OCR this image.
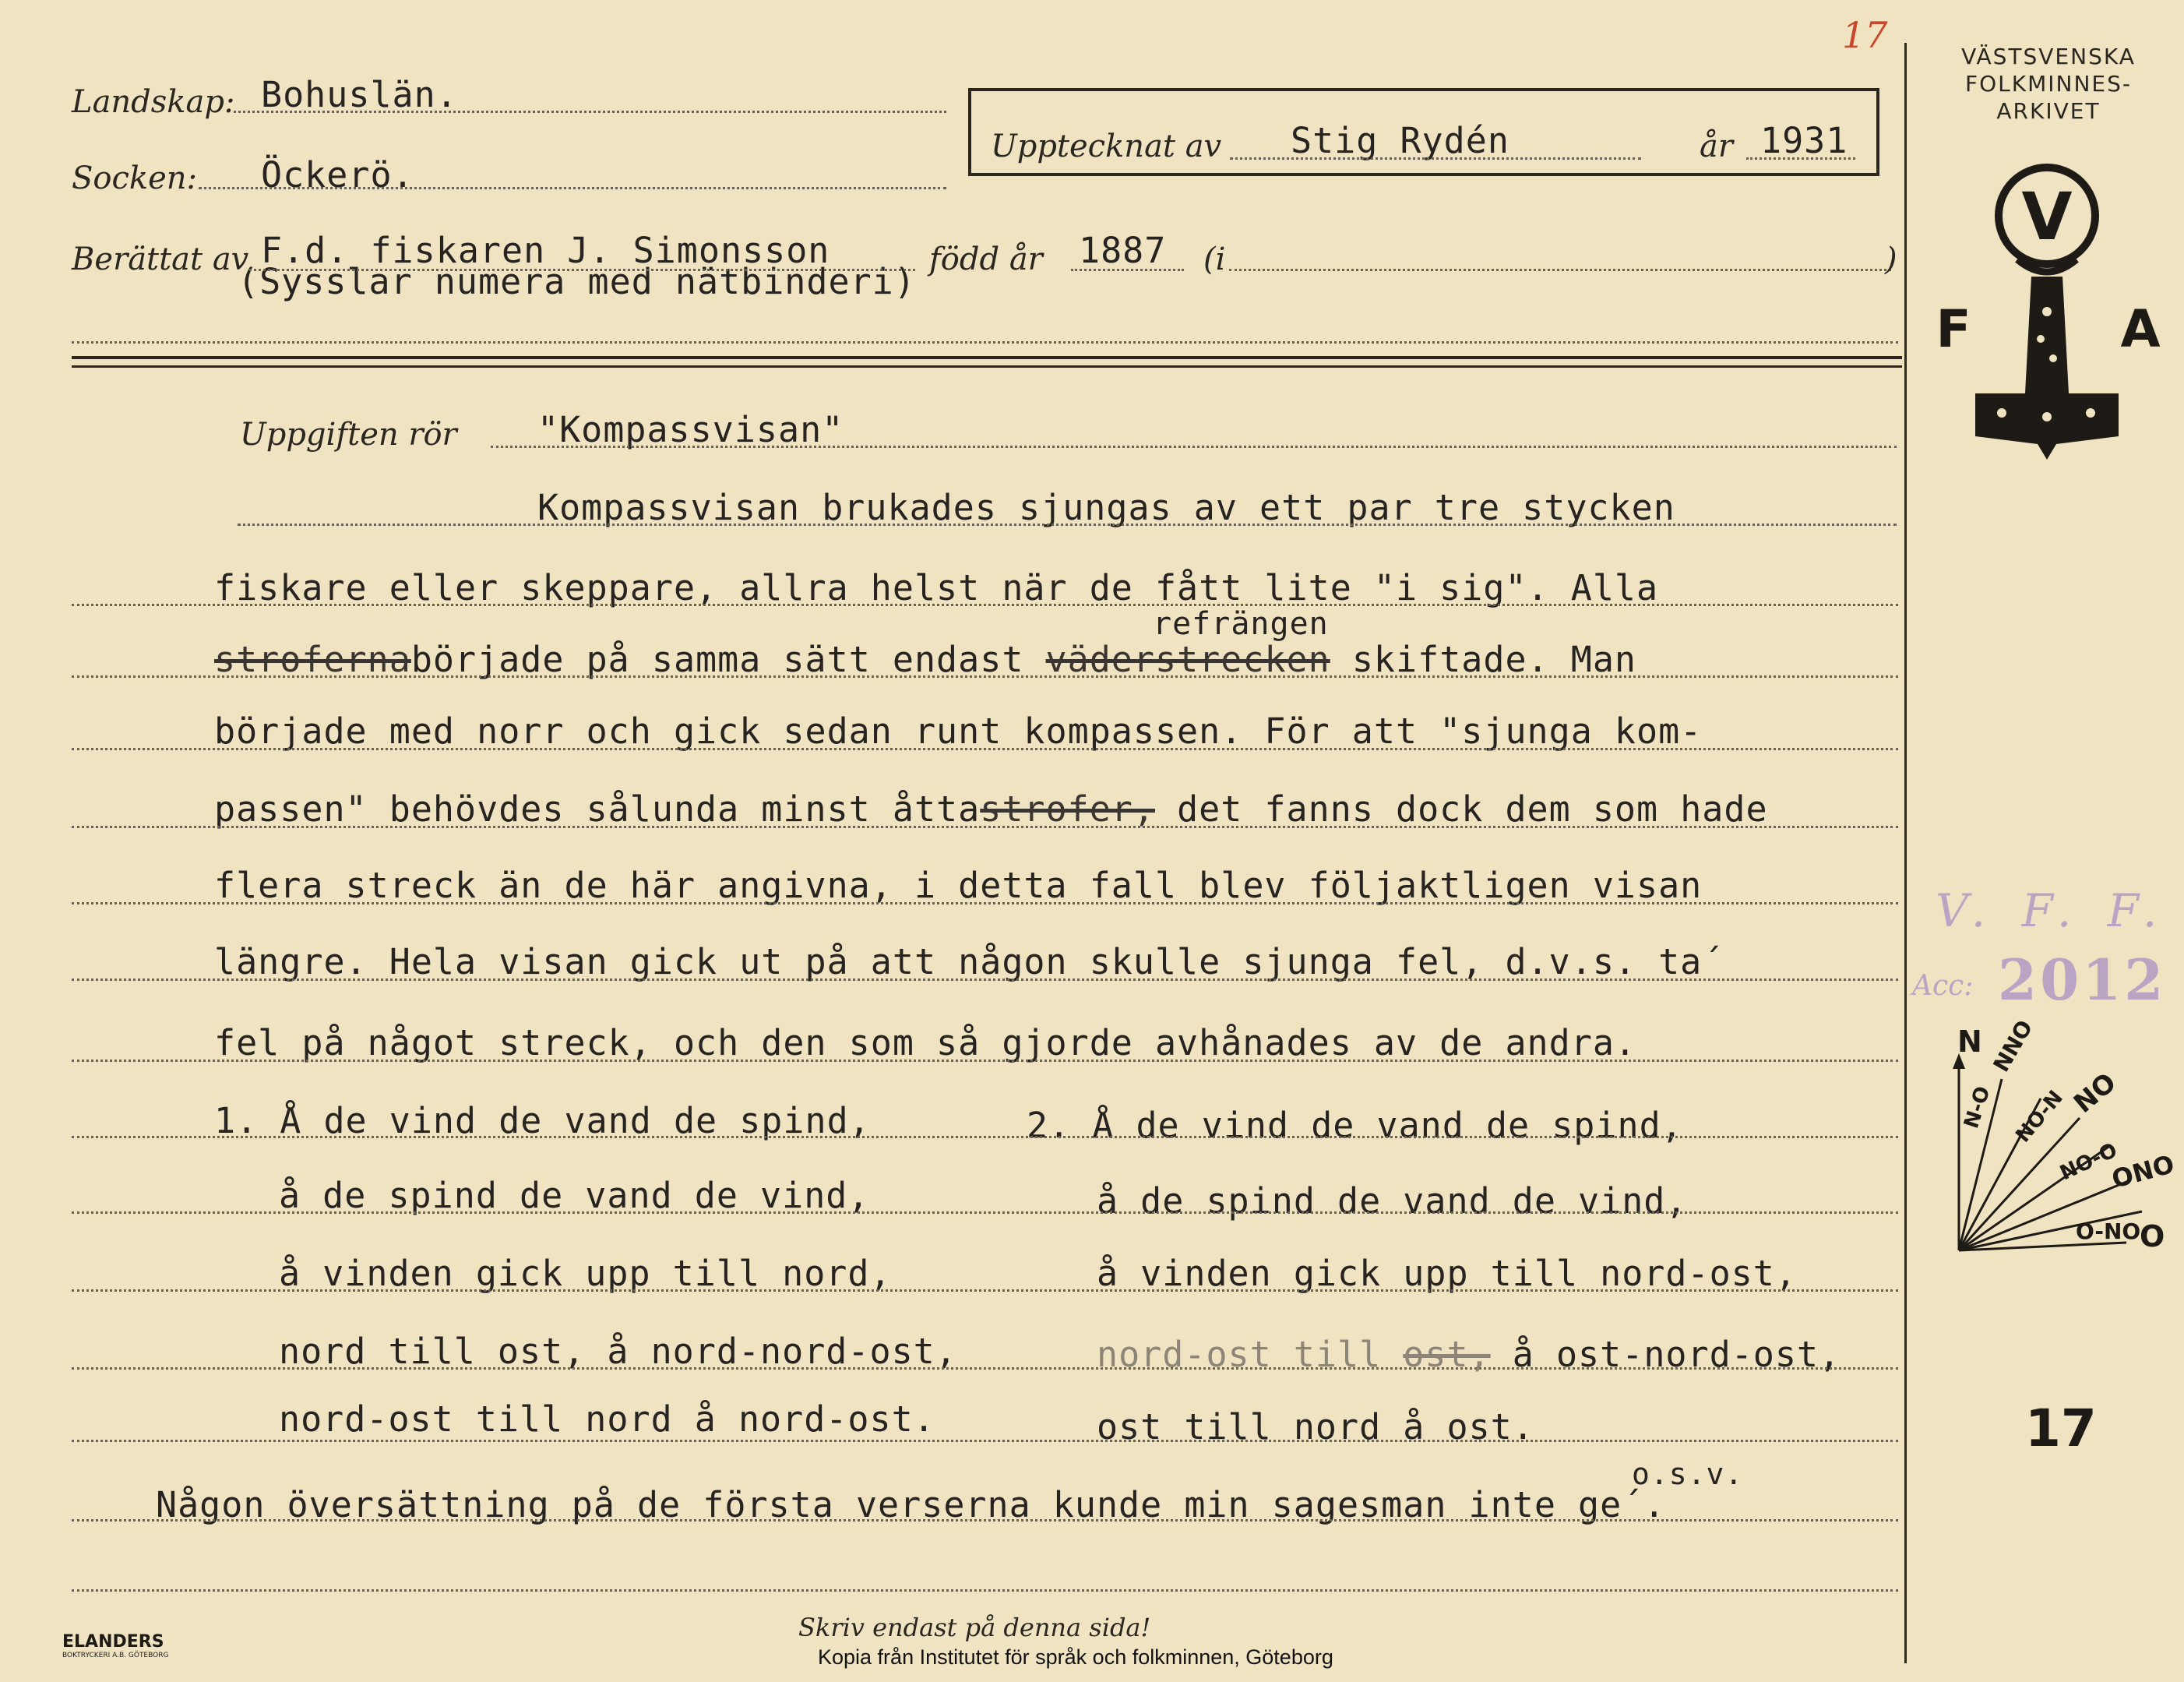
17
Landskap: Bohuslän.
Socken: Öckerö.
Upptecknat av Stig Rydén	år 1931
Berättat av F.d. fiskaren J. Simonsson
(Sysslar numera med nätbinderi)
född år 1887 (i	)
VÄSTSVENSKA
FOLKMINNES-
ARKIVET
V
F	A
V. F. F.
Acc: 2012
N
N-O
NNO
NO-N NO
NO-O
ONO
O-NO
O
17
Uppgiften rör "Kompassvisan"
Kompassvisan brukades sjungas av ett par tre stycken
fiskare eller skeppare, allra helst när de fått lite "i sig". Alla
refrängen
strofernabörjade på samma sätt endast väderstrecken skiftade. Man
började med norr och gick sedan runt kompassen. För att "sjunga kom-
passen" behövdes sålunda minst åttastrofer, det fanns dock dem som hade
flera streck än de här angivna, i detta fall blev följaktligen visan
längre. Hela visan gick ut på att någon skulle sjunga fel, d.v.s. ta´
fel på något streck, och den som så gjorde avhånades av de andra.
1. Å de vind de vand de spind,
å de spind de vand de vind,
å vinden gick upp till nord,
nord till ost, å nord-nord-ost,
nord-ost till nord å nord-ost.
2. Å de vind de vand de spind,
å de spind de vand de vind,
å vinden gick upp till nord-ost,
nord-ost till ost, å ost-nord-ost,
ost till nord å ost.
o.s.v.
Någon översättning på de första verserna kunde min sagesman inte ge´.
ELANDERS
BOKTRYCKERI A.B. GÖTEBORG
Skriv endast på denna sida!
Kopia från Institutet för språk och folkminnen, Göteborg
